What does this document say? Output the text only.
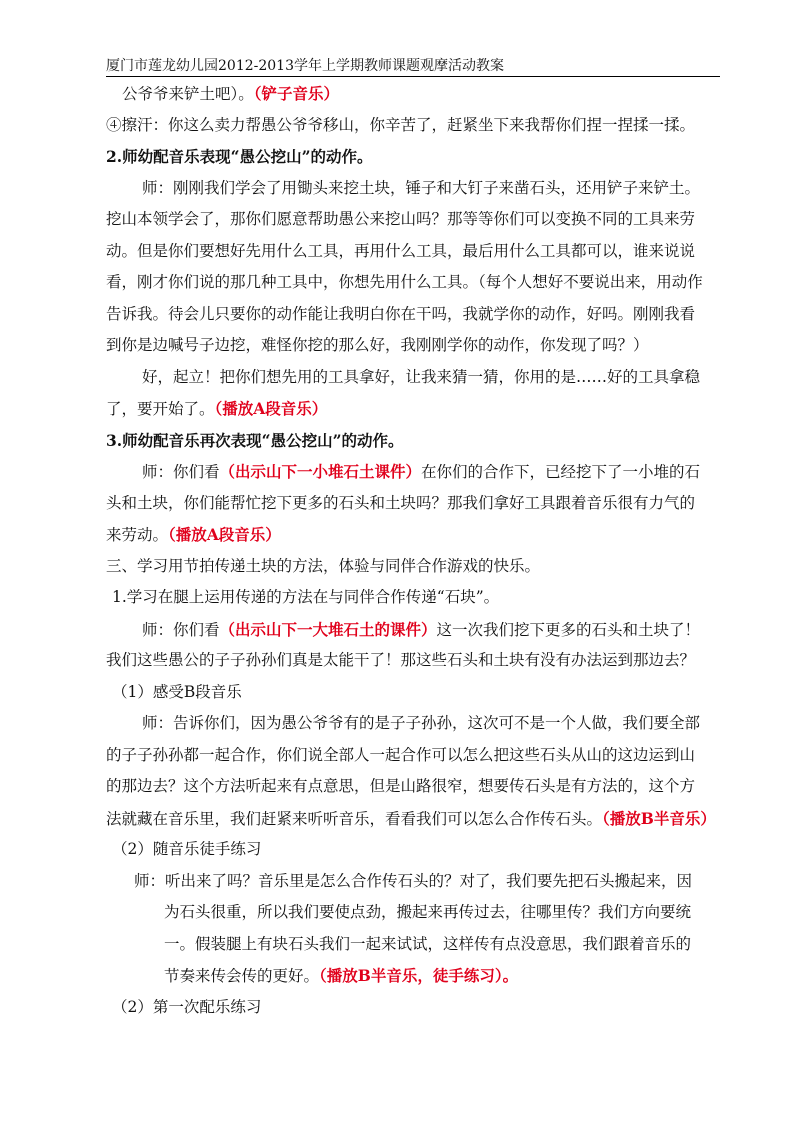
厦门市莲龙幼儿园2012-2013学年上学期教师课题观摩活动教案
公爷爷来铲土吧）。（铲子音乐）
④擦汗：你这么卖力帮愚公爷爷移山，你辛苦了，赶紧坐下来我帮你们捏一捏揉一揉。
2.师幼配音乐表现“愚公挖山”的动作。
师：刚刚我们学会了用锄头来挖土块，锤子和大钉子来凿石头，还用铲子来铲土。
挖山本领学会了，那你们愿意帮助愚公来挖山吗？那等等你们可以变换不同的工具来劳
动。但是你们要想好先用什么工具，再用什么工具，最后用什么工具都可以，谁来说说
看，刚才你们说的那几种工具中，你想先用什么工具。（每个人想好不要说出来，用动作
告诉我。待会儿只要你的动作能让我明白你在干吗，我就学你的动作，好吗。刚刚我看
到你是边喊号子边挖，难怪你挖的那么好，我刚刚学你的动作，你发现了吗？）
好，起立！把你们想先用的工具拿好，让我来猜一猜，你用的是……好的工具拿稳
了，要开始了。（播放A段音乐）
3.师幼配音乐再次表现“愚公挖山”的动作。
师：你们看（出示山下一小堆石土课件）在你们的合作下，已经挖下了一小堆的石
头和土块，你们能帮忙挖下更多的石头和土块吗？那我们拿好工具跟着音乐很有力气的
来劳动。（播放A段音乐）
三、学习用节拍传递土块的方法，体验与同伴合作游戏的快乐。
1.学习在腿上运用传递的方法在与同伴合作传递“石块”。
师：你们看（出示山下一大堆石土的课件）这一次我们挖下更多的石头和土块了！
我们这些愚公的子子孙孙们真是太能干了！那这些石头和土块有没有办法运到那边去？
（1）感受B段音乐
师：告诉你们，因为愚公爷爷有的是子子孙孙，这次可不是一个人做，我们要全部
的子子孙孙都一起合作，你们说全部人一起合作可以怎么把这些石头从山的这边运到山
的那边去？这个方法听起来有点意思，但是山路很窄，想要传石头是有方法的，这个方
法就藏在音乐里，我们赶紧来听听音乐，看看我们可以怎么合作传石头。（播放B半音乐）
（2）随音乐徒手练习
师：听出来了吗？音乐里是怎么合作传石头的？对了，我们要先把石头搬起来，因
为石头很重，所以我们要使点劲，搬起来再传过去，往哪里传？我们方向要统
一。假装腿上有块石头我们一起来试试，这样传有点没意思，我们跟着音乐的
节奏来传会传的更好。（播放B半音乐，徒手练习）。
（2）第一次配乐练习
